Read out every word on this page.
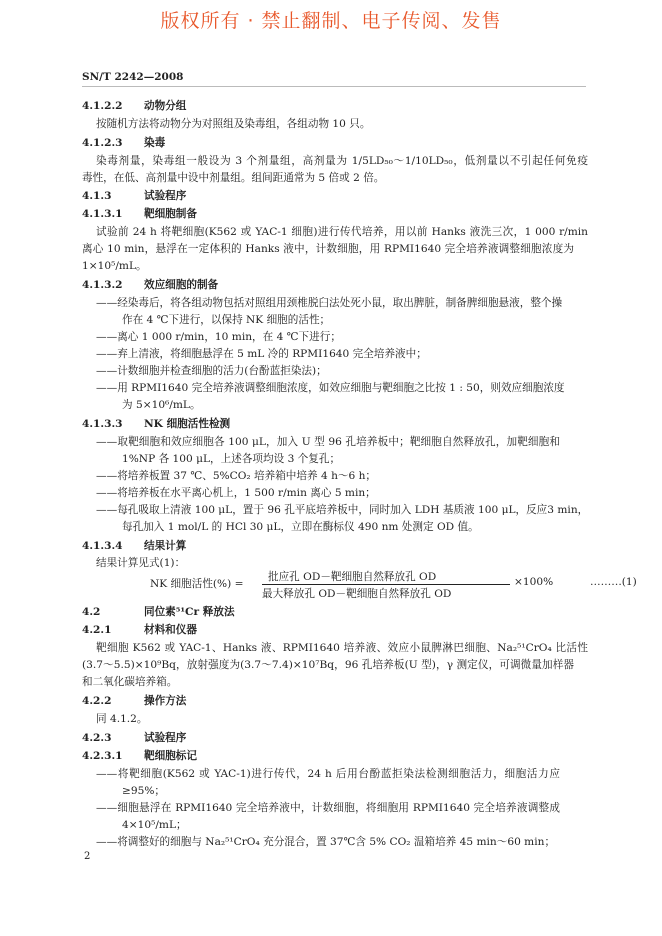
版权所有 · 禁止翻制、电子传阅、发售
SN/T 2242—2008
4.1.2.2 动物分组
按随机方法将动物分为对照组及染毒组，各组动物 10 只。
4.1.2.3 染毒
染毒剂量，染毒组一般设为 3 个剂量组，高剂量为 1/5LD₅₀～1/10LD₅₀，低剂量以不引起任何免疫
毒性，在低、高剂量中设中剂量组。组间距通常为 5 倍或 2 倍。
4.1.3	试验程序
4.1.3.1 靶细胞制备
试验前 24 h 将靶细胞(K562 或 YAC-1 细胞)进行传代培养，用以前 Hanks 液洗三次，1 000 r/min
离心 10 min，悬浮在一定体积的 Hanks 液中，计数细胞，用 RPMI1640 完全培养液调整细胞浓度为
1×10⁵/mL。
4.1.3.2 效应细胞的制备
——经染毒后，将各组动物包括对照组用颈椎脱臼法处死小鼠，取出脾脏，制备脾细胞悬液，整个操
作在 4 ℃下进行，以保持 NK 细胞的活性；
——离心 1 000 r/min，10 min，在 4 ℃下进行；
——弃上清液，将细胞悬浮在 5 mL 冷的 RPMI1640 完全培养液中；
——计数细胞并检查细胞的活力(台酚蓝拒染法)；
——用 RPMI1640 完全培养液调整细胞浓度，如效应细胞与靶细胞之比按 1 : 50，则效应细胞浓度
为 5×10⁶/mL。
4.1.3.3 NK 细胞活性检测
——取靶细胞和效应细胞各 100 μL，加入 U 型 96 孔培养板中；靶细胞自然释放孔，加靶细胞和
1%NP 各 100 μL，上述各项均设 3 个复孔；
——将培养板置 37 ℃、5%CO₂ 培养箱中培养 4 h～6 h；
——将培养板在水平离心机上，1 500 r/min 离心 5 min；
——每孔吸取上清液 100 μL，置于 96 孔平底培养板中，同时加入 LDH 基质液 100 μL，反应3 min，
每孔加入 1 mol/L 的 HCl 30 μL，立即在酶标仪 490 nm 处测定 OD 值。
4.1.3.4 结果计算
结果计算见式(1)：
4.2	同位素⁵¹Cr 释放法
4.2.1	材料和仪器
靶细胞 K562 或 YAC-1、Hanks 液、RPMI1640 培养液、效应小鼠脾淋巴细胞、Na₂⁵¹CrO₄ 比活性
(3.7～5.5)×10⁹Bq，放射强度为(3.7～7.4)×10⁷Bq，96 孔培养板(U 型)，γ 测定仪，可调微量加样器
和二氧化碳培养箱。
4.2.2	操作方法
同 4.1.2。
4.2.3	试验程序
4.2.3.1 靶细胞标记
——将靶细胞(K562 或 YAC-1)进行传代，24 h 后用台酚蓝拒染法检测细胞活力，细胞活力应
≥95%；
——细胞悬浮在 RPMI1640 完全培养液中，计数细胞，将细胞用 RPMI1640 完全培养液调整成
4×10⁵/mL；
——将调整好的细胞与 Na₂⁵¹CrO₄ 充分混合，置 37℃含 5% CO₂ 温箱培养 45 min～60 min；
NK 细胞活性(%) =
批应孔 OD－靶细胞自然释放孔 OD
最大释放孔 OD－靶细胞自然释放孔 OD
×100%	………(1)
2
